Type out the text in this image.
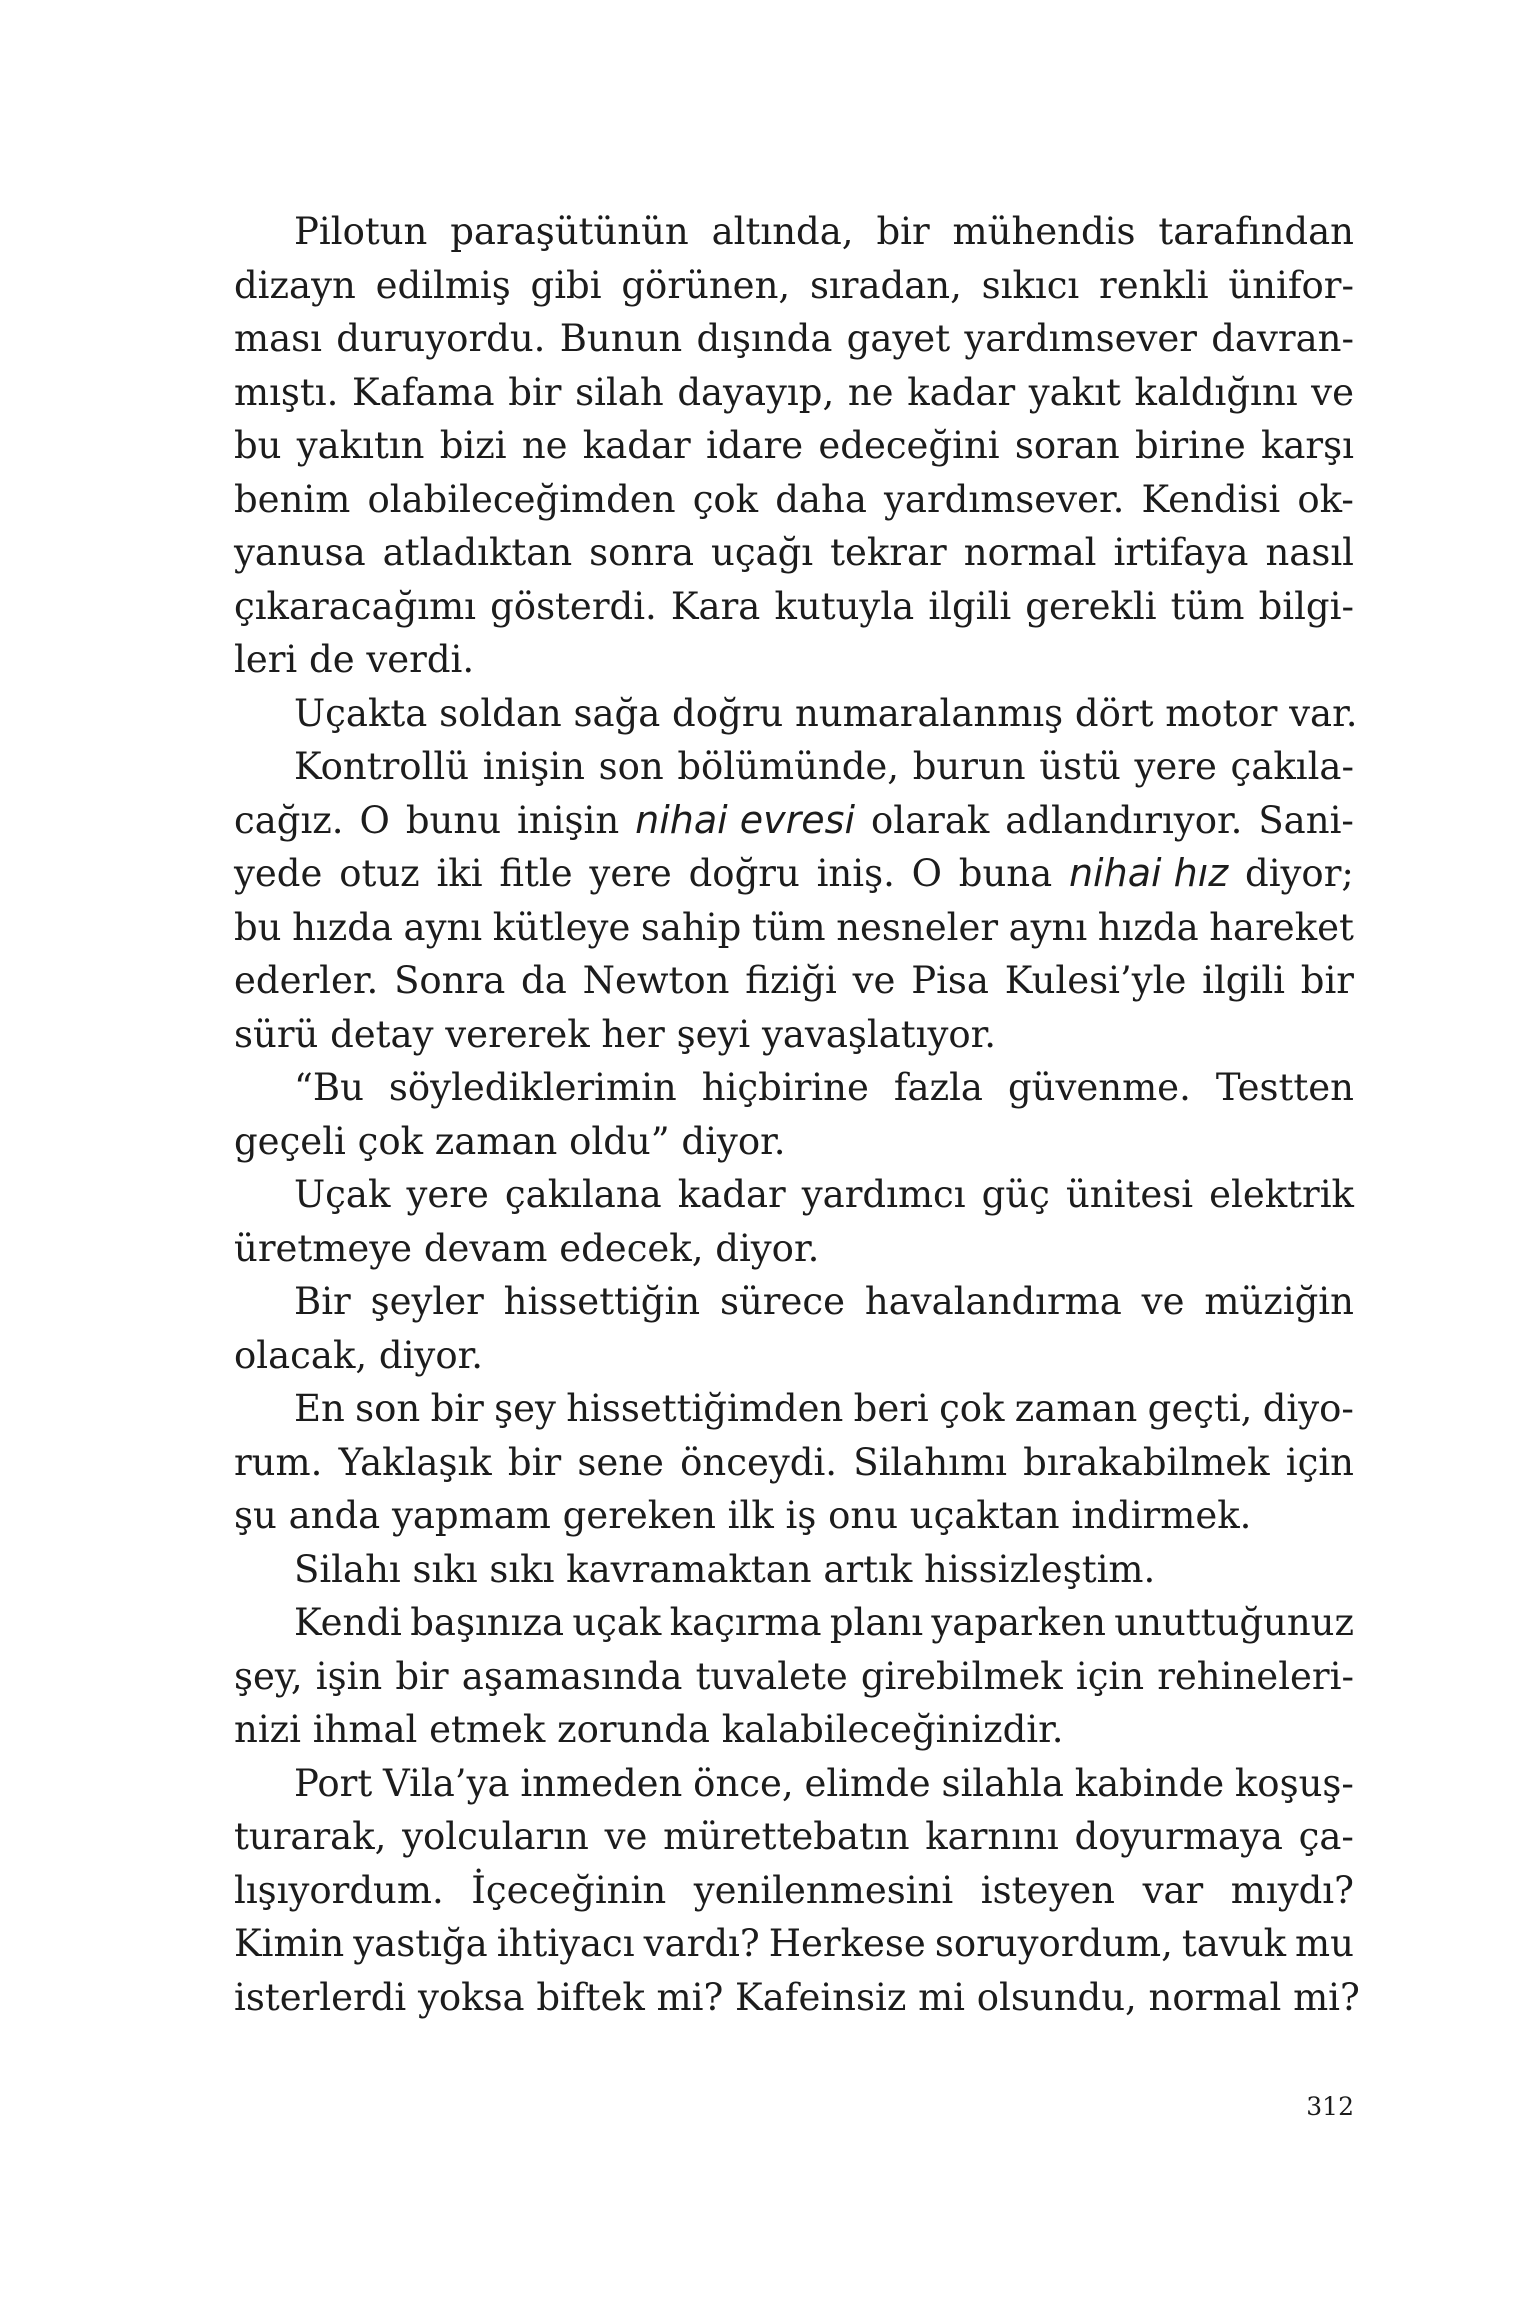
Pilotun paraşütünün altında, bir mühendis tarafından
dizayn edilmiş gibi görünen, sıradan, sıkıcı renkli ünifor-
ması duruyordu. Bunun dışında gayet yardımsever davran-
mıştı. Kafama bir silah dayayıp, ne kadar yakıt kaldığını ve
bu yakıtın bizi ne kadar idare edeceğini soran birine karşı
benim olabileceğimden çok daha yardımsever. Kendisi ok-
yanusa atladıktan sonra uçağı tekrar normal irtifaya nasıl
çıkaracağımı gösterdi. Kara kutuyla ilgili gerekli tüm bilgi-
leri de verdi.
Uçakta soldan sağa doğru numaralanmış dört motor var.
Kontrollü inişin son bölümünde, burun üstü yere çakıla-
cağız. O bunu inişin nihai evresi olarak adlandırıyor. Sani-
yede otuz iki fitle yere doğru iniş. O buna nihai hız diyor;
bu hızda aynı kütleye sahip tüm nesneler aynı hızda hareket
ederler. Sonra da Newton fiziği ve Pisa Kulesi’yle ilgili bir
sürü detay vererek her şeyi yavaşlatıyor.
“Bu söylediklerimin hiçbirine fazla güvenme. Testten
geçeli çok zaman oldu” diyor.
Uçak yere çakılana kadar yardımcı güç ünitesi elektrik
üretmeye devam edecek, diyor.
Bir şeyler hissettiğin sürece havalandırma ve müziğin
olacak, diyor.
En son bir şey hissettiğimden beri çok zaman geçti, diyo-
rum. Yaklaşık bir sene önceydi. Silahımı bırakabilmek için
şu anda yapmam gereken ilk iş onu uçaktan indirmek.
Silahı sıkı sıkı kavramaktan artık hissizleştim.
Kendi başınıza uçak kaçırma planı yaparken unuttuğunuz
şey, işin bir aşamasında tuvalete girebilmek için rehineleri-
nizi ihmal etmek zorunda kalabileceğinizdir.
Port Vila’ya inmeden önce, elimde silahla kabinde koşuş-
turarak, yolcuların ve mürettebatın karnını doyurmaya ça-
lışıyordum. İçeceğinin yenilenmesini isteyen var mıydı?
Kimin yastığa ihtiyacı vardı? Herkese soruyordum, tavuk mu
isterlerdi yoksa biftek mi? Kafeinsiz mi olsundu, normal mi?
312
